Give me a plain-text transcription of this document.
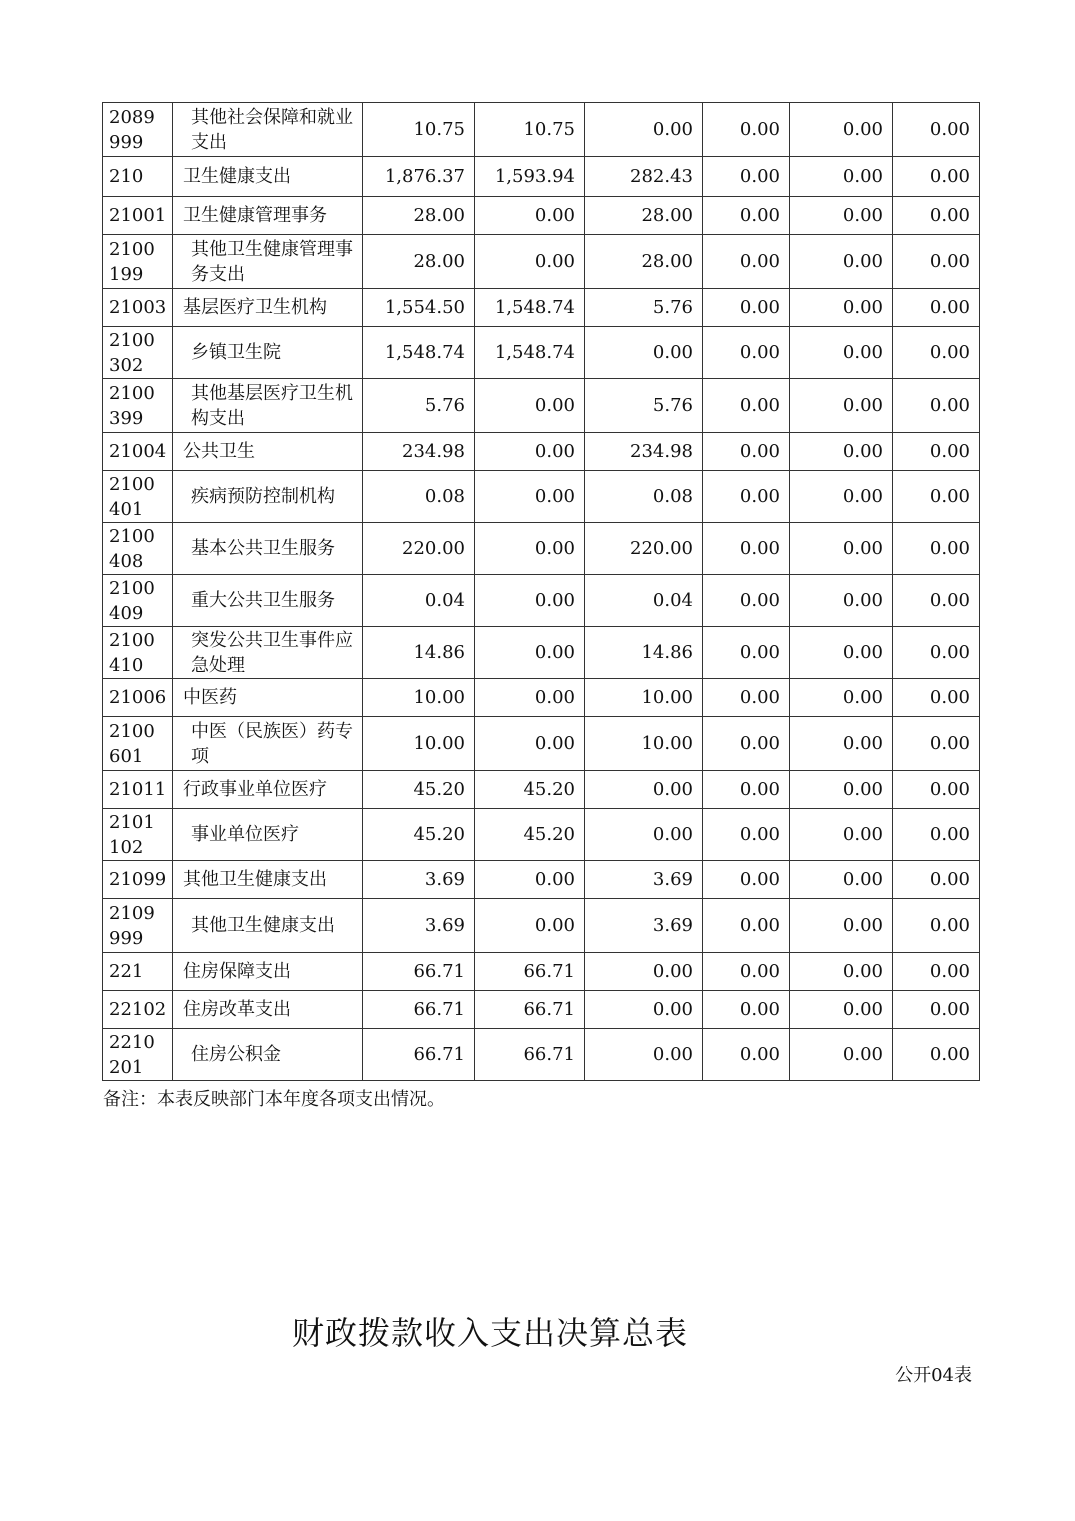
2089999	其他社会保障和就业支出	10.75	10.75	0.00	0.00	0.00	0.00
210	卫生健康支出	1,876.37	1,593.94	282.43	0.00	0.00	0.00
21001	卫生健康管理事务	28.00	0.00	28.00	0.00	0.00	0.00
2100199	其他卫生健康管理事务支出	28.00	0.00	28.00	0.00	0.00	0.00
21003	基层医疗卫生机构	1,554.50	1,548.74	5.76	0.00	0.00	0.00
2100302	乡镇卫生院	1,548.74	1,548.74	0.00	0.00	0.00	0.00
2100399	其他基层医疗卫生机构支出	5.76	0.00	5.76	0.00	0.00	0.00
21004	公共卫生	234.98	0.00	234.98	0.00	0.00	0.00
2100401	疾病预防控制机构	0.08	0.00	0.08	0.00	0.00	0.00
2100408	基本公共卫生服务	220.00	0.00	220.00	0.00	0.00	0.00
2100409	重大公共卫生服务	0.04	0.00	0.04	0.00	0.00	0.00
2100410	突发公共卫生事件应急处理	14.86	0.00	14.86	0.00	0.00	0.00
21006	中医药	10.00	0.00	10.00	0.00	0.00	0.00
2100601	中医（民族医）药专项	10.00	0.00	10.00	0.00	0.00	0.00
21011	行政事业单位医疗	45.20	45.20	0.00	0.00	0.00	0.00
2101102	事业单位医疗	45.20	45.20	0.00	0.00	0.00	0.00
21099	其他卫生健康支出	3.69	0.00	3.69	0.00	0.00	0.00
2109999	其他卫生健康支出	3.69	0.00	3.69	0.00	0.00	0.00
221	住房保障支出	66.71	66.71	0.00	0.00	0.00	0.00
22102	住房改革支出	66.71	66.71	0.00	0.00	0.00	0.00
2210201	住房公积金	66.71	66.71	0.00	0.00	0.00	0.00
备注：本表反映部门本年度各项支出情况。
财政拨款收入支出决算总表
公开04表
